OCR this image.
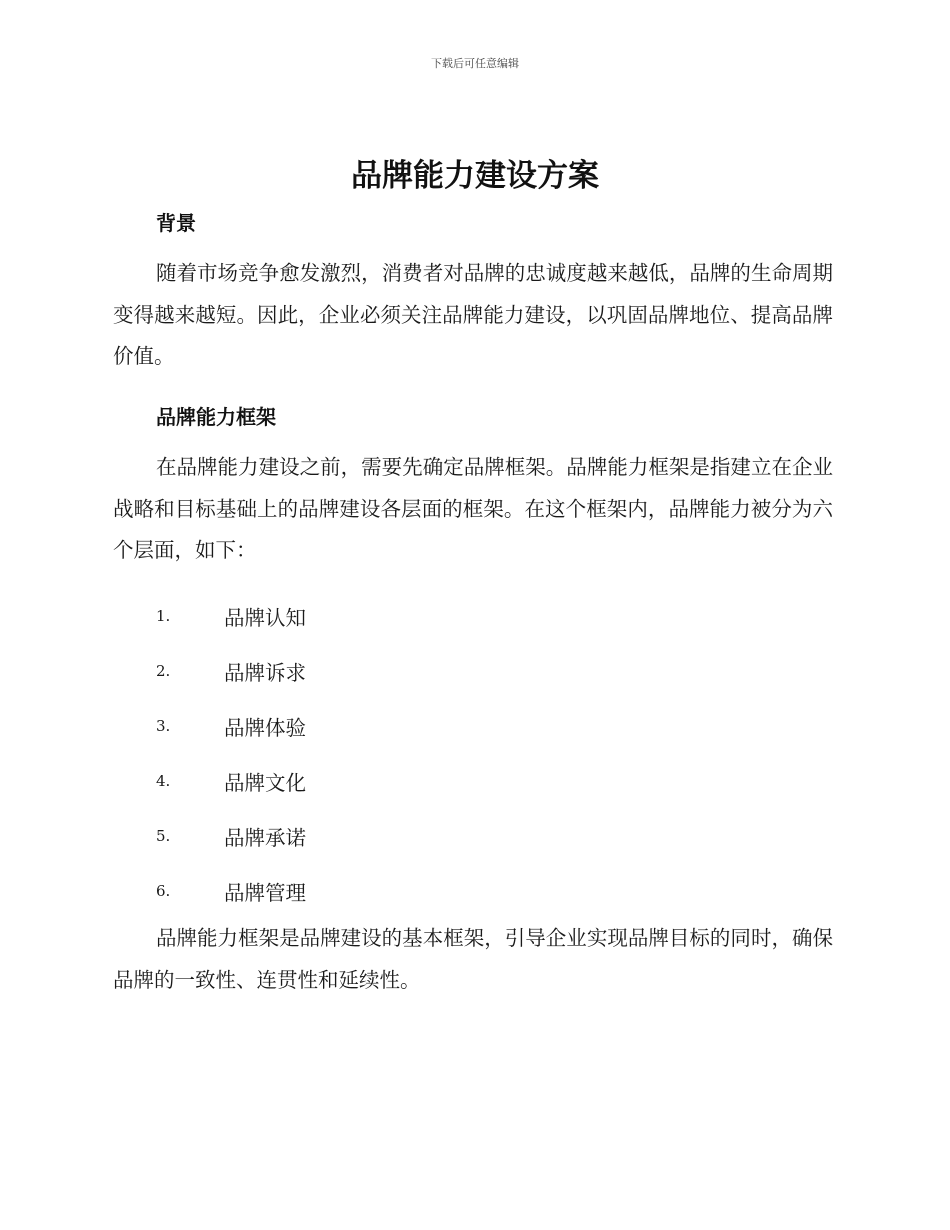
下载后可任意编辑
品牌能力建设方案
背景
随着市场竞争愈发激烈，消费者对品牌的忠诚度越来越低，品牌的生命周期变得越来越短。因此，企业必须关注品牌能力建设，以巩固品牌地位、提高品牌价值。
品牌能力框架
在品牌能力建设之前，需要先确定品牌框架。品牌能力框架是指建立在企业战略和目标基础上的品牌建设各层面的框架。在这个框架内，品牌能力被分为六个层面，如下：
1.	品牌认知
2.	品牌诉求
3.	品牌体验
4.	品牌文化
5.	品牌承诺
6.	品牌管理
品牌能力框架是品牌建设的基本框架，引导企业实现品牌目标的同时，确保品牌的一致性、连贯性和延续性。
